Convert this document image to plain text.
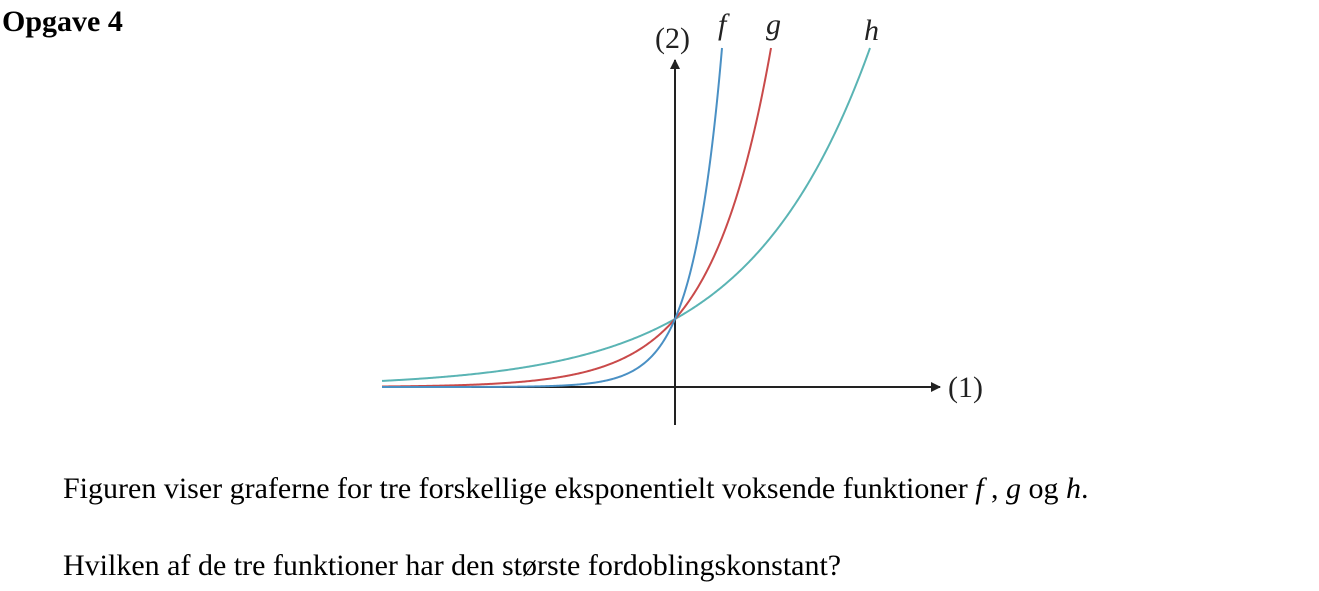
Opgave 4
(1)
(2) f g	h
Figuren viser graferne for tre forskellige eksponentielt voksende funktioner f , g og h.
Hvilken af de tre funktioner har den største fordoblingskonstant?
